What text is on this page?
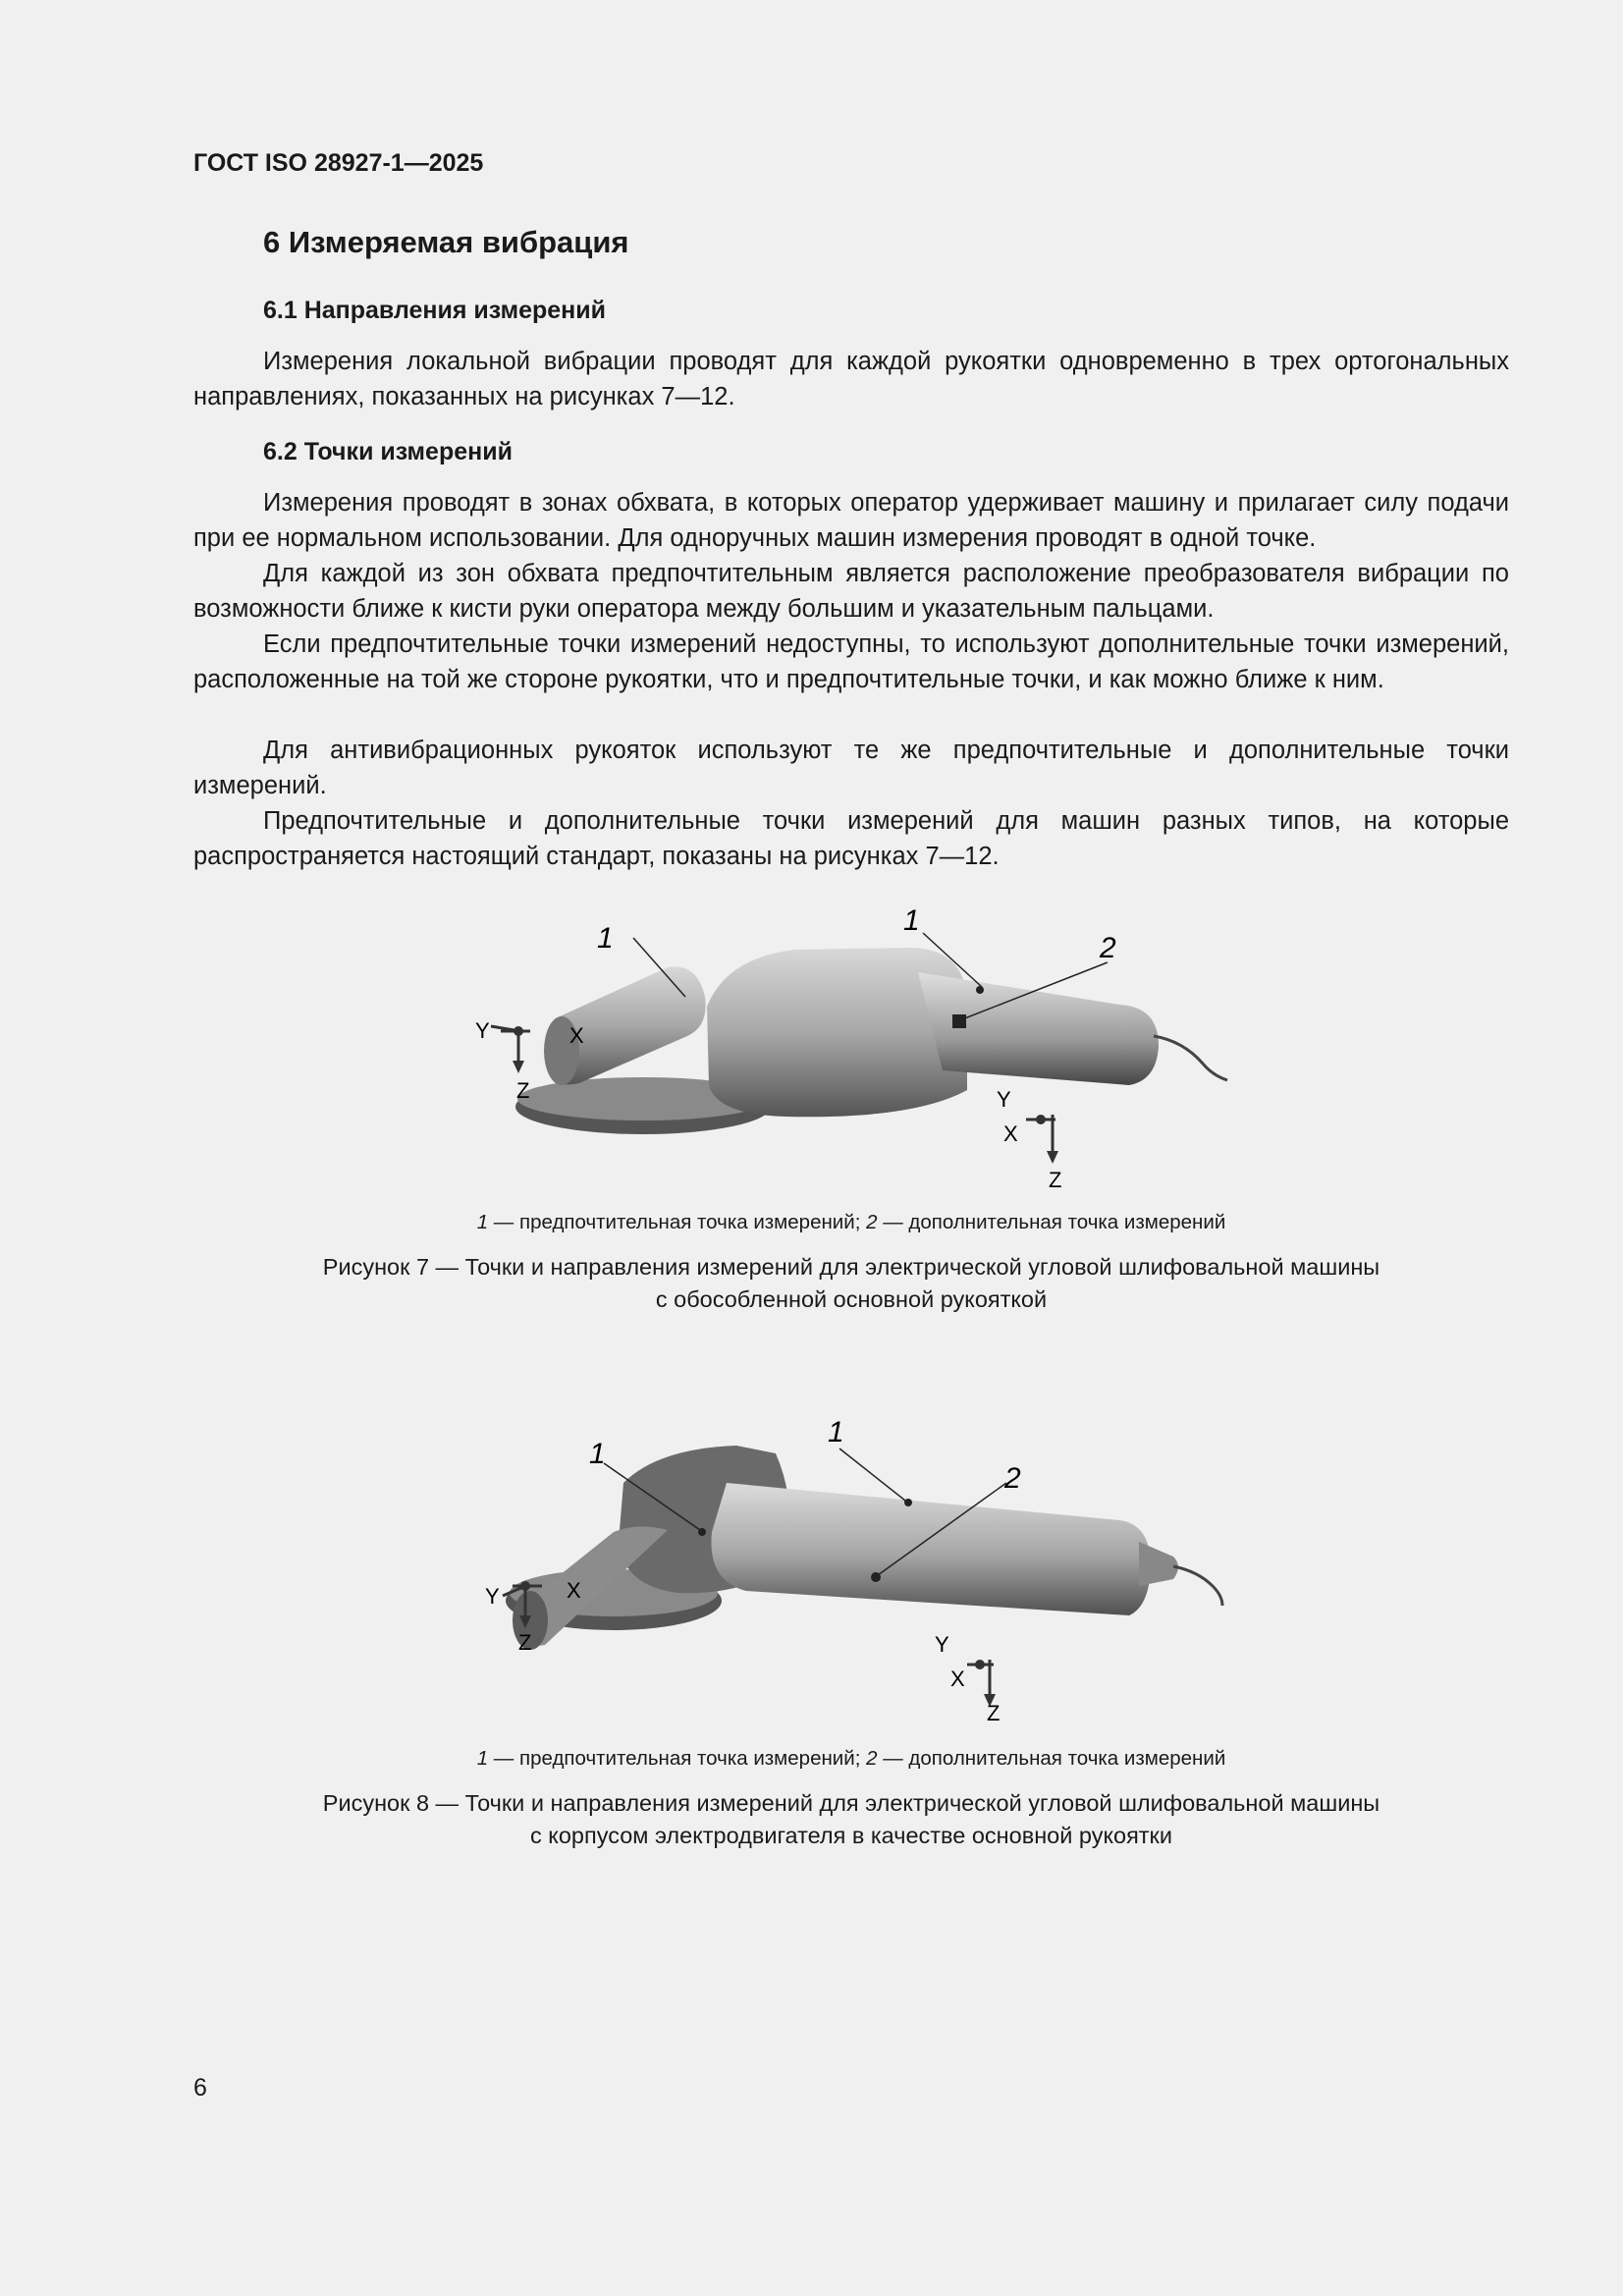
ГОСТ ISO 28927-1—2025
6 Измеряемая вибрация
6.1 Направления измерений

Измерения локальной вибрации проводят для каждой рукоятки одновременно в трех ортогональных направлениях, показанных на рисунках 7—12.

6.2 Точки измерений

Измерения проводят в зонах обхвата, в которых оператор удерживает машину и прилагает силу подачи при ее нормальном использовании. Для одноручных машин измерения проводят в одной точке.

Для каждой из зон обхвата предпочтительным является расположение преобразователя вибрации по возможности ближе к кисти руки оператора между большим и указательным пальцами.

Если предпочтительные точки измерений недоступны, то используют дополнительные точки измерений, расположенные на той же стороне рукоятки, что и предпочтительные точки, и как можно ближе к ним.

Для антивибрационных рукояток используют те же предпочтительные и дополнительные точки измерений.

Предпочтительные и дополнительные точки измерений для машин разных типов, на которые распространяется настоящий стандарт, показаны на рисунках 7—12.

1
1
2
Y	X
Z	Y
X
Z
1 — предпочтительная точка измерений; 2 — дополнительная точка измерений
Рисунок 7 — Точки и направления измерений для электрической угловой шлифовальной машины
с обособленной основной рукояткой
1
1
2
Y	X
Z	Y
X
Z
1 — предпочтительная точка измерений; 2 — дополнительная точка измерений
Рисунок 8 — Точки и направления измерений для электрической угловой шлифовальной машины
с корпусом электродвигателя в качестве основной рукоятки
6
